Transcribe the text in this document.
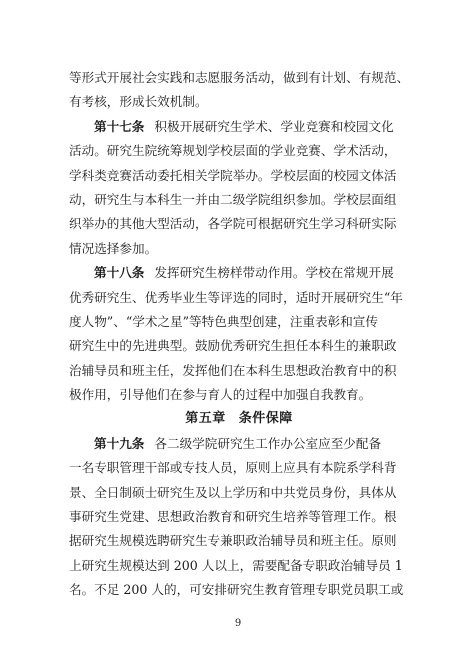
等形式开展社会实践和志愿服务活动，做到有计划、有规范、
有考核，形成长效机制。
第十七条 积极开展研究生学术、学业竞赛和校园文化
活动。研究生院统筹规划学校层面的学业竞赛、学术活动，
学科类竞赛活动委托相关学院举办。学校层面的校园文体活
动，研究生与本科生一并由二级学院组织参加。学校层面组
织举办的其他大型活动，各学院可根据研究生学习科研实际
情况选择参加。
第十八条 发挥研究生榜样带动作用。学校在常规开展
优秀研究生、优秀毕业生等评选的同时，适时开展研究生“年
度人物”、“学术之星”等特色典型创建，注重表彰和宣传
研究生中的先进典型。鼓励优秀研究生担任本科生的兼职政
治辅导员和班主任，发挥他们在本科生思想政治教育中的积
极作用，引导他们在参与育人的过程中加强自我教育。
第五章 条件保障
第十九条 各二级学院研究生工作办公室应至少配备
一名专职管理干部或专技人员，原则上应具有本院系学科背
景、全日制硕士研究生及以上学历和中共党员身份，具体从
事研究生党建、思想政治教育和研究生培养等管理工作。根
据研究生规模选聘研究生专兼职政治辅导员和班主任。原则
上研究生规模达到 200 人以上，需要配备专职政治辅导员 1
名。不足 200 人的，可安排研究生教育管理专职党员职工或
9
